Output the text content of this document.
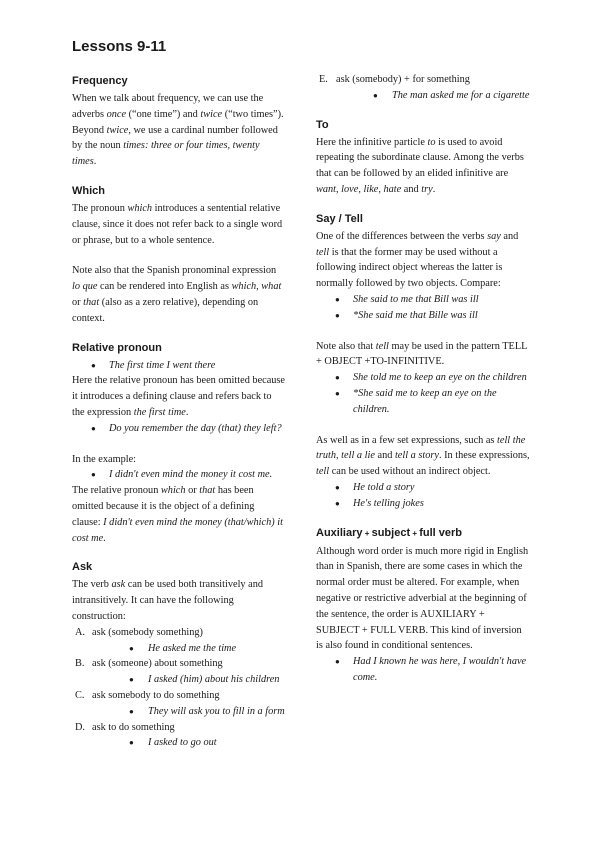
Lessons 9-11
Frequency

When we talk about frequency, we can use the adverbs once (“one time”) and twice (“two times”). Beyond twice, we use a cardinal number followed by the noun times: three or four times, twenty times.

Which

The pronoun which introduces a sentential relative clause, since it does not refer back to a single word or phrase, but to a whole sentence.

Note also that the Spanish pronominal expression lo que can be rendered into English as which, what or that (also as a zero relative), depending on context.

Relative pronoun
● The first time I went there

Here the relative pronoun has been omitted because it introduces a defining clause and refers back to the expression the first time.

● Do you remember the day (that) they left?

In the example:

● I didn't even mind the money it cost me.

The relative pronoun which or that has been omitted because it is the object of a defining clause: I didn't even mind the money (that/which) it cost me.

Ask

The verb ask can be used both transitively and intransitively. It can have the following construction:

A. ask (somebody something)
● He asked me the time
B. ask (someone) about something
● I asked (him) about his children
C. ask somebody to do something
● They will ask you to fill in a form
D. ask to do something
● I asked to go out
E. ask (somebody) + for something
● The man asked me for a cigarette
To

Here the infinitive particle to is used to avoid repeating the subordinate clause. Among the verbs that can be followed by an elided infinitive are want, love, like, hate and try.

Say / Tell

One of the differences between the verbs say and tell is that the former may be used without a following indirect object whereas the latter is normally followed by two objects. Compare:

● She said to me that Bill was ill
● *She said me that Bille was ill

Note also that tell may be used in the pattern TELL + OBJECT +TO-INFINITIVE.

● She told me to keep an eye on the children
● *She said me to keep an eye on the children.

As well as in a few set expressions, such as tell the truth, tell a lie and tell a story. In these expressions, tell can be used without an indirect object.

● He told a story
● He's telling jokes
Auxiliary + subject + full verb

Although word order is much more rigid in English than in Spanish, there are some cases in which the normal order must be altered. For example, when negative or restrictive adverbial at the beginning of the sentence, the order is AUXILIARY + SUBJECT + FULL VERB. This kind of inversion is also found in conditional sentences.

● Had I known he was here, I wouldn't have come.
